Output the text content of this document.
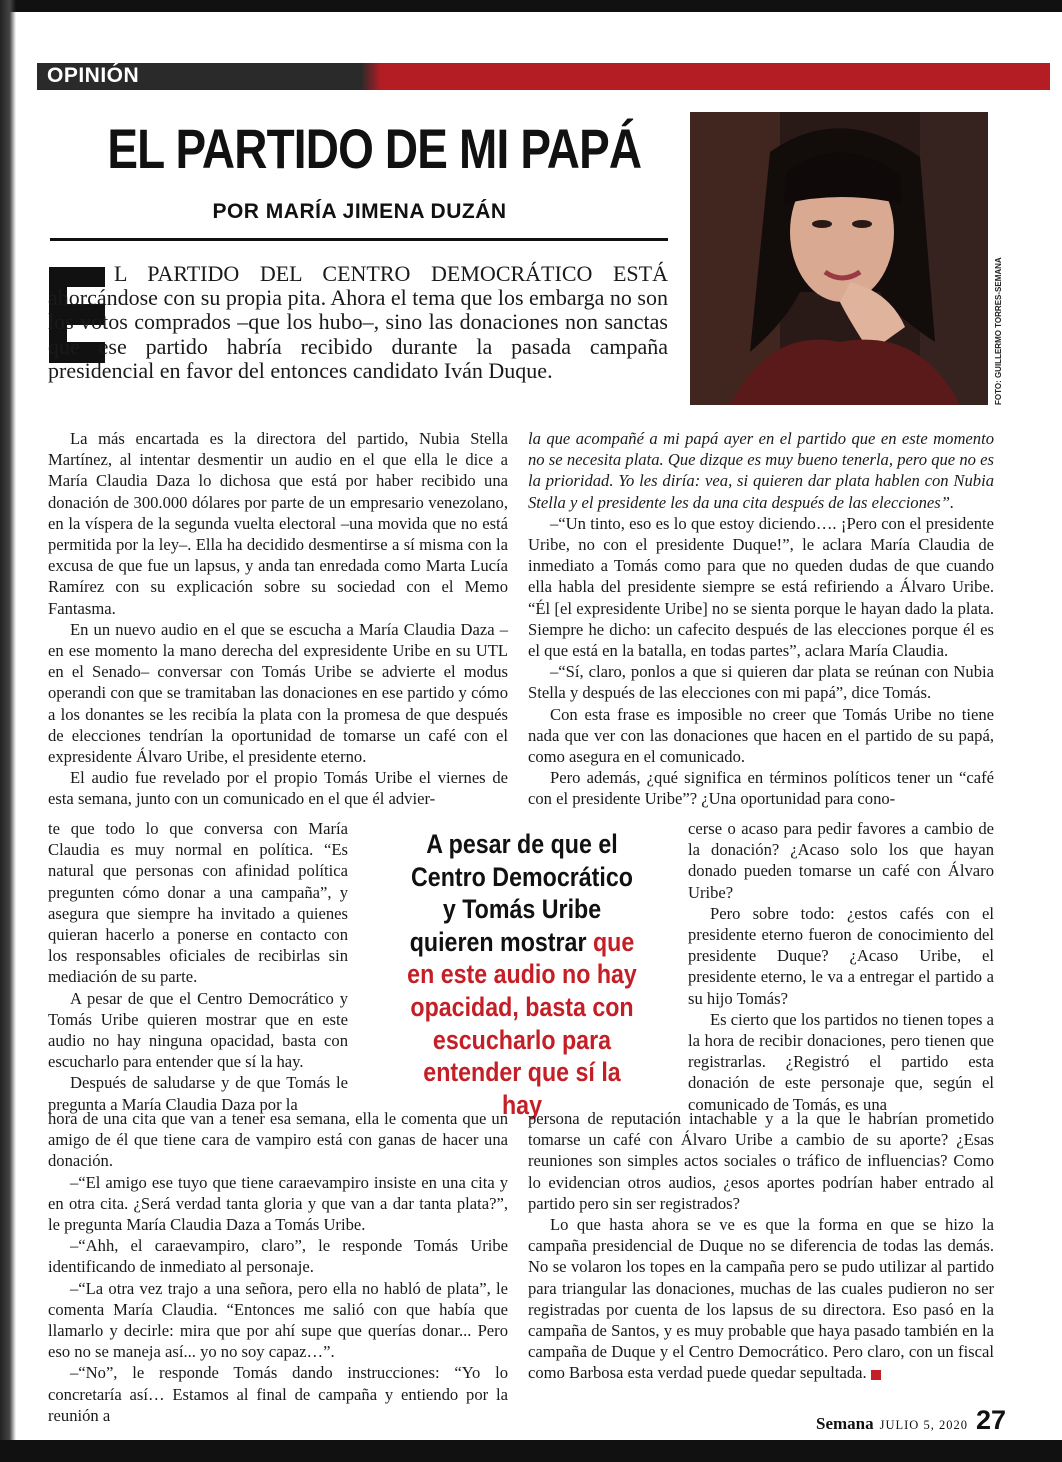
OPINIÓN
EL PARTIDO DE MI PAPÁ
POR MARÍA JIMENA DUZÁN
FOTO: GUILLERMO TORRES-SEMANA
L PARTIDO DEL CENTRO DEMOCRÁTICO ESTÁ ahorcándose con su propia pita. Ahora el tema que los embarga no son los votos comprados –que los hubo–, sino las donaciones non sanctas que ese partido habría recibido durante la pasada campaña presidencial en favor del entonces candidato Iván Duque.

La más encartada es la directora del partido, Nubia Stella Martínez, al intentar desmentir un audio en el que ella le dice a María Claudia Daza lo dichosa que está por haber recibido una donación de 300.000 dólares por parte de un empresario venezolano, en la víspera de la segunda vuelta electoral –una movida que no está permitida por la ley–. Ella ha decidido desmentirse a sí misma con la excusa de que fue un lapsus, y anda tan enredada como Marta Lucía Ramírez con su explicación sobre su sociedad con el Memo Fantasma.

En un nuevo audio en el que se escucha a María Claudia Daza –en ese momento la mano derecha del expresidente Uribe en su UTL en el Senado– conversar con Tomás Uribe se advierte el modus operandi con que se tramitaban las donaciones en ese partido y cómo a los donantes se les recibía la plata con la promesa de que después de elecciones tendrían la oportunidad de tomarse un café con el expresidente Álvaro Uribe, el presidente eterno.

El audio fue revelado por el propio Tomás Uribe el viernes de esta semana, junto con un comunicado en el que él advier-

te que todo lo que conversa con María Claudia es muy normal en política. “Es natural que personas con afinidad política pregunten cómo donar a una campaña”, y asegura que siempre ha invitado a quienes quieran hacerlo a ponerse en contacto con los responsables oficiales de recibirlas sin mediación de su parte.

A pesar de que el Centro Democrático y Tomás Uribe quieren mostrar que en este audio no hay ninguna opacidad, basta con escucharlo para entender que sí la hay.

Después de saludarse y de que Tomás le pregunta a María Claudia Daza por la

A pesar de que el Centro Democrático y Tomás Uribe quieren mostrar que en este audio no hay opacidad, basta con escucharlo para entender que sí la hay

hora de una cita que van a tener esa semana, ella le comenta que un amigo de él que tiene cara de vampiro está con ganas de hacer una donación.

–“El amigo ese tuyo que tiene caraevampiro insiste en una cita y en otra cita. ¿Será verdad tanta gloria y que van a dar tanta plata?”, le pregunta María Claudia Daza a Tomás Uribe.

–“Ahh, el caraevampiro, claro”, le responde Tomás Uribe identificando de inmediato al personaje.

–“La otra vez trajo a una señora, pero ella no habló de plata”, le comenta María Claudia. “Entonces me salió con que había que llamarlo y decirle: mira que por ahí supe que querías donar... Pero eso no se maneja así... yo no soy capaz…”.

–“No”, le responde Tomás dando instrucciones: “Yo lo concretaría así… Estamos al final de campaña y entiendo por la reunión a

la que acompañé a mi papá ayer en el partido que en este momento no se necesita plata. Que dizque es muy bueno tenerla, pero que no es la prioridad. Yo les diría: vea, si quieren dar plata hablen con Nubia Stella y el presidente les da una cita después de las elecciones”.

–“Un tinto, eso es lo que estoy diciendo…. ¡Pero con el presidente Uribe, no con el presidente Duque!”, le aclara María Claudia de inmediato a Tomás como para que no queden dudas de que cuando ella habla del presidente siempre se está refiriendo a Álvaro Uribe. “Él [el expresidente Uribe] no se sienta porque le hayan dado la plata. Siempre he dicho: un cafecito después de las elecciones porque él es el que está en la batalla, en todas partes”, aclara María Claudia.

–“Sí, claro, ponlos a que si quieren dar plata se reúnan con Nubia Stella y después de las elecciones con mi papá”, dice Tomás.

Con esta frase es imposible no creer que Tomás Uribe no tiene nada que ver con las donaciones que hacen en el partido de su papá, como asegura en el comunicado.

Pero además, ¿qué significa en términos políticos tener un “café con el presidente Uribe”? ¿Una oportunidad para cono-

cerse o acaso para pedir favores a cambio de la donación? ¿Acaso solo los que hayan donado pueden tomarse un café con Álvaro Uribe?

Pero sobre todo: ¿estos cafés con el presidente eterno fueron de conocimiento del presidente Duque? ¿Acaso Uribe, el presidente eterno, le va a entregar el partido a su hijo Tomás?

Es cierto que los partidos no tienen topes a la hora de recibir donaciones, pero tienen que registrarlas. ¿Registró el partido esta donación de este personaje que, según el comunicado de Tomás, es una

persona de reputación intachable y a la que le habrían prometido tomarse un café con Álvaro Uribe a cambio de su aporte? ¿Esas reuniones son simples actos sociales o tráfico de influencias? Como lo evidencian otros audios, ¿esos aportes podrían haber entrado al partido pero sin ser registrados?

Lo que hasta ahora se ve es que la forma en que se hizo la campaña presidencial de Duque no se diferencia de todas las demás. No se volaron los topes en la campaña pero se pudo utilizar al partido para triangular las donaciones, muchas de las cuales pudieron no ser registradas por cuenta de los lapsus de su directora. Eso pasó en la campaña de Santos, y es muy probable que haya pasado también en la campaña de Duque y el Centro Democrático. Pero claro, con un fiscal como Barbosa esta verdad puede quedar sepultada.

Semana JULIO 5, 2020 27
